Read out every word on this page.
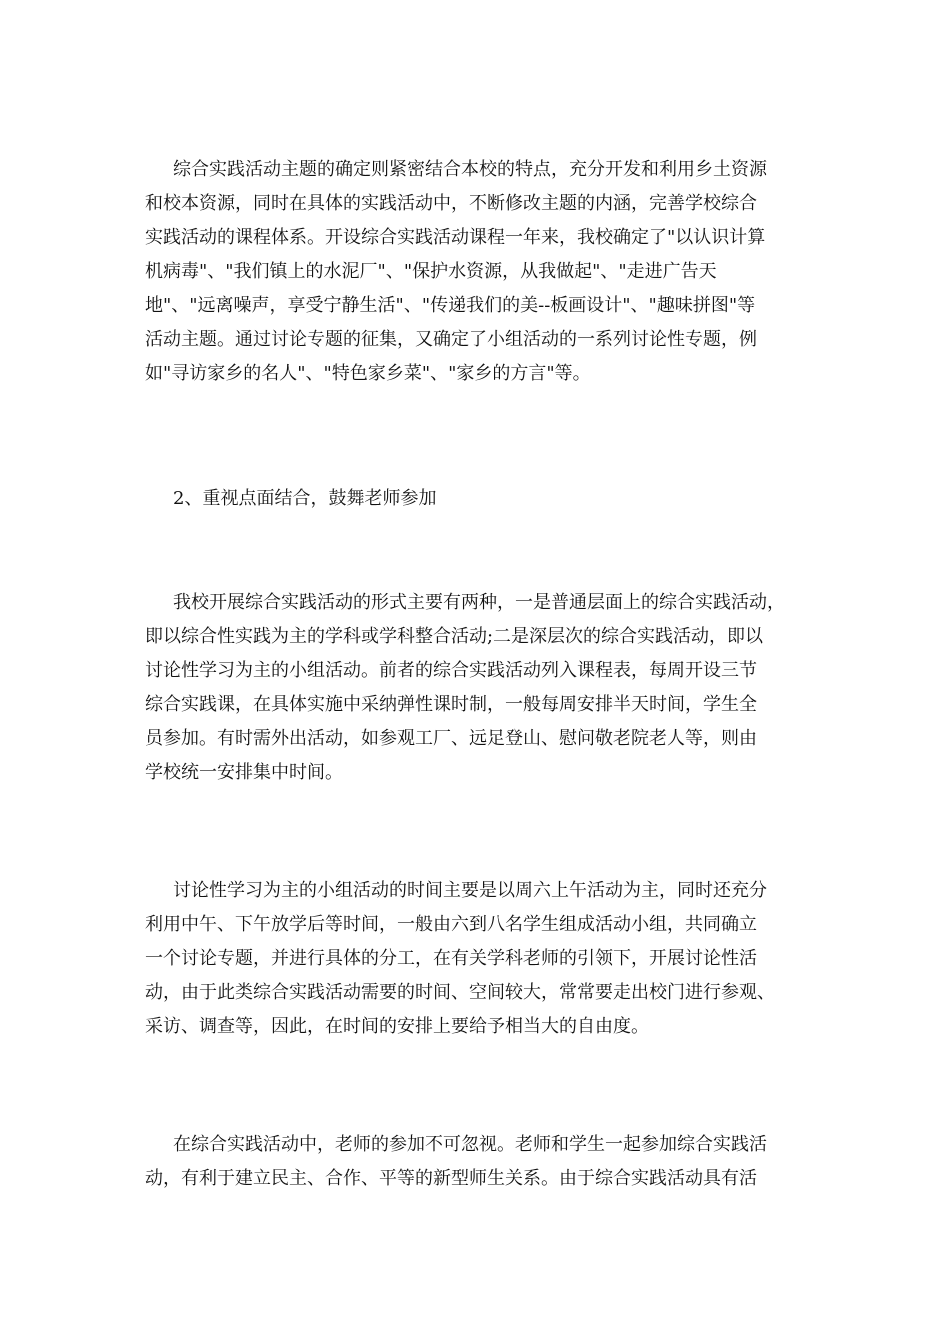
综合实践活动主题的确定则紧密结合本校的特点，充分开发和利用乡土资源
和校本资源，同时在具体的实践活动中，不断修改主题的内涵，完善学校综合
实践活动的课程体系。开设综合实践活动课程一年来，我校确定了"以认识计算
机病毒"、"我们镇上的水泥厂"、"保护水资源，从我做起"、"走进广告天
地"、"远离噪声，享受宁静生活"、"传递我们的美--板画设计"、"趣味拼图"等
活动主题。通过讨论专题的征集，又确定了小组活动的一系列讨论性专题，例
如"寻访家乡的名人"、"特色家乡菜"、"家乡的方言"等。

2、重视点面结合，鼓舞老师参加

我校开展综合实践活动的形式主要有两种，一是普通层面上的综合实践活动，
即以综合性实践为主的学科或学科整合活动;二是深层次的综合实践活动，即以
讨论性学习为主的小组活动。前者的综合实践活动列入课程表，每周开设三节
综合实践课，在具体实施中采纳弹性课时制，一般每周安排半天时间，学生全
员参加。有时需外出活动，如参观工厂、远足登山、慰问敬老院老人等，则由
学校统一安排集中时间。

讨论性学习为主的小组活动的时间主要是以周六上午活动为主，同时还充分
利用中午、下午放学后等时间，一般由六到八名学生组成活动小组，共同确立
一个讨论专题，并进行具体的分工，在有关学科老师的引领下，开展讨论性活
动，由于此类综合实践活动需要的时间、空间较大，常常要走出校门进行参观、
采访、调查等，因此，在时间的安排上要给予相当大的自由度。

在综合实践活动中，老师的参加不可忽视。老师和学生一起参加综合实践活
动，有利于建立民主、合作、平等的新型师生关系。由于综合实践活动具有活
